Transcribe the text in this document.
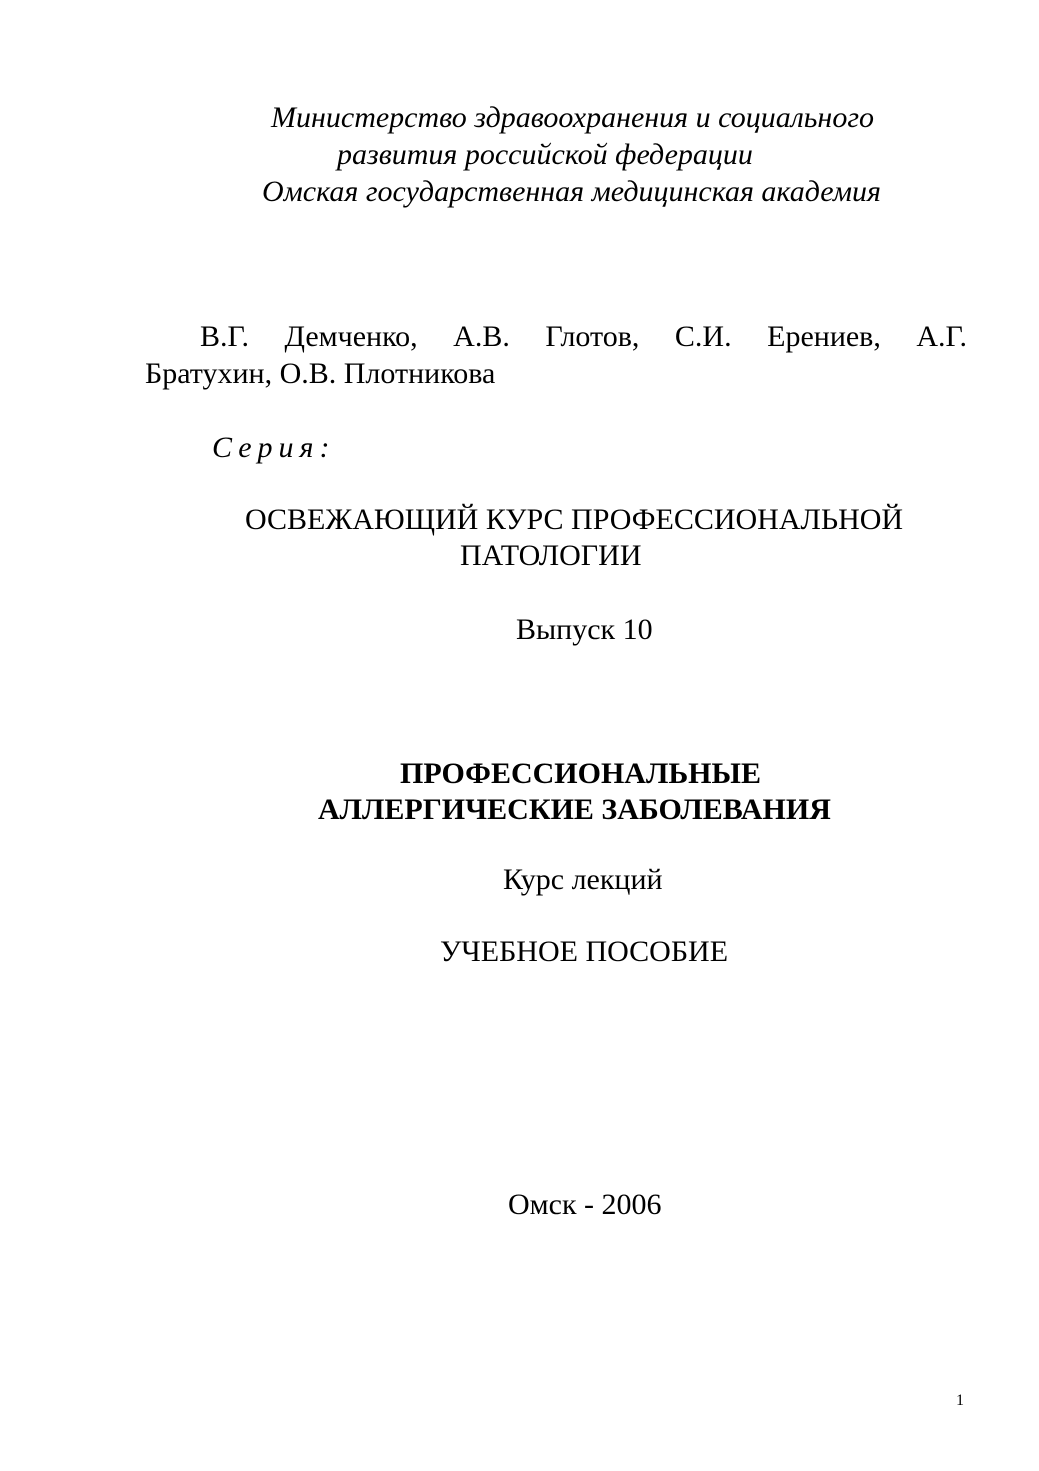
Министерство здравоохранения и социального
развития российской федерации
Омская государственная медицинская академия
В.Г. Демченко, А.В. Глотов, С.И. Ерениев, А.Г.
Братухин, О.В. Плотникова
Серия:
ОСВЕЖАЮЩИЙ КУРС ПРОФЕССИОНАЛЬНОЙ
ПАТОЛОГИИ
Выпуск 10
ПРОФЕССИОНАЛЬНЫЕ
АЛЛЕРГИЧЕСКИЕ ЗАБОЛЕВАНИЯ
Курс лекций
УЧЕБНОЕ ПОСОБИЕ
Омск - 2006
1
